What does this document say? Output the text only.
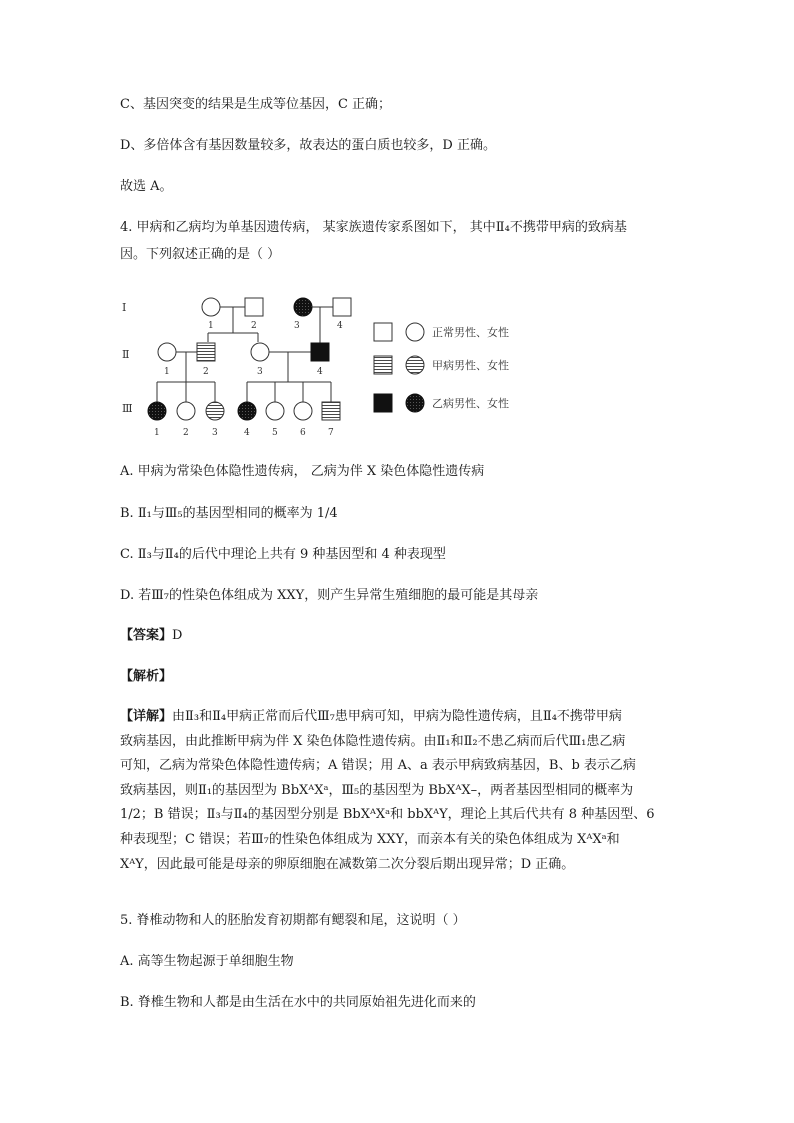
C、基因突变的结果是生成等位基因，C 正确；
D、多倍体含有基因数量较多，故表达的蛋白质也较多，D 正确。
故选 A。
4. 甲病和乙病均为单基因遗传病， 某家族遗传家系图如下， 其中Ⅱ₄不携带甲病的致病基
因。下列叙述正确的是（ ）
Ⅰ
Ⅱ
Ⅲ
1	2	3	4
1	2	3	4
1	2	3	4 5 6 7
正常男性、女性
甲病男性、女性
乙病男性、女性
A. 甲病为常染色体隐性遗传病， 乙病为伴 X 染色体隐性遗传病
B. Ⅱ₁与Ⅲ₅的基因型相同的概率为 1/4
C. Ⅱ₃与Ⅱ₄的后代中理论上共有 9 种基因型和 4 种表现型
D. 若Ⅲ₇的性染色体组成为 XXY，则产生异常生殖细胞的最可能是其母亲
【答案】D
【解析】

【详解】由Ⅱ₃和Ⅱ₄甲病正常而后代Ⅲ₇患甲病可知，甲病为隐性遗传病，且Ⅱ₄不携带甲病

致病基因，由此推断甲病为伴 X 染色体隐性遗传病。由Ⅱ₁和Ⅱ₂不患乙病而后代Ⅲ₁患乙病

可知，乙病为常染色体隐性遗传病；A 错误；用 A、a 表示甲病致病基因，B、b 表示乙病

致病基因，则Ⅱ₁的基因型为 BbXᴬXᵃ，Ⅲ₅的基因型为 BbXᴬX–，两者基因型相同的概率为

1/2；B 错误；Ⅱ₃与Ⅱ₄的基因型分别是 BbXᴬXᵃ和 bbXᴬY，理论上其后代共有 8 种基因型、6

种表现型；C 错误；若Ⅲ₇的性染色体组成为 XXY，而亲本有关的染色体组成为 XᴬXᵃ和

XᴬY，因此最可能是母亲的卵原细胞在减数第二次分裂后期出现异常；D 正确。

5. 脊椎动物和人的胚胎发育初期都有鳃裂和尾，这说明（ ）
A. 高等生物起源于单细胞生物
B. 脊椎生物和人都是由生活在水中的共同原始祖先进化而来的
